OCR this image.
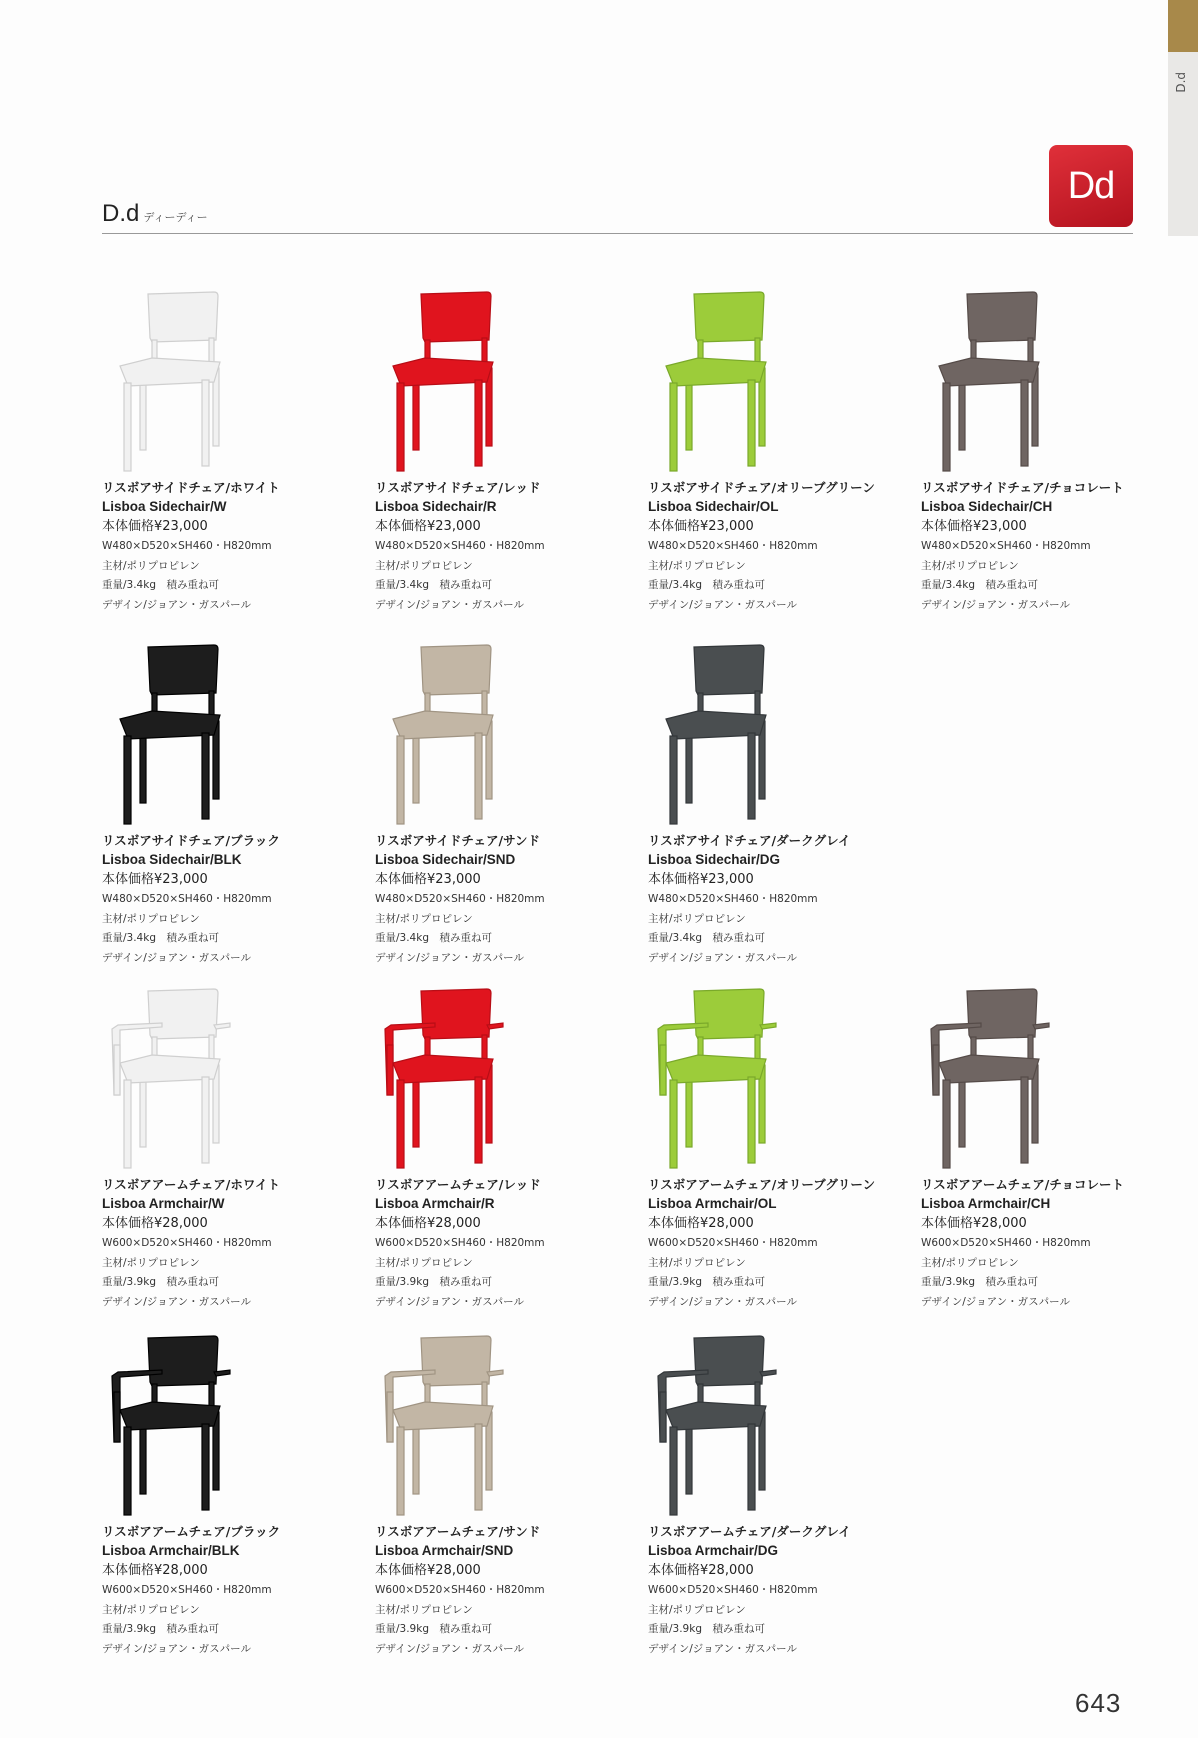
D.d
Dd
D.d ディーディー
リスボアサイドチェア/ホワイト
Lisboa Sidechair/W
本体価格¥23,000
W480×D520×SH460・H820mm
主材/ポリプロピレン
重量/3.4kg　積み重ね可
デザイン/ジョアン・ガスパール
リスボアサイドチェア/レッド
Lisboa Sidechair/R
本体価格¥23,000
W480×D520×SH460・H820mm
主材/ポリプロピレン
重量/3.4kg　積み重ね可
デザイン/ジョアン・ガスパール
リスボアサイドチェア/オリーブグリーン
Lisboa Sidechair/OL
本体価格¥23,000
W480×D520×SH460・H820mm
主材/ポリプロピレン
重量/3.4kg　積み重ね可
デザイン/ジョアン・ガスパール
リスボアサイドチェア/チョコレート
Lisboa Sidechair/CH
本体価格¥23,000
W480×D520×SH460・H820mm
主材/ポリプロピレン
重量/3.4kg　積み重ね可
デザイン/ジョアン・ガスパール
リスボアサイドチェア/ブラック
Lisboa Sidechair/BLK
本体価格¥23,000
W480×D520×SH460・H820mm
主材/ポリプロピレン
重量/3.4kg　積み重ね可
デザイン/ジョアン・ガスパール
リスボアサイドチェア/サンド
Lisboa Sidechair/SND
本体価格¥23,000
W480×D520×SH460・H820mm
主材/ポリプロピレン
重量/3.4kg　積み重ね可
デザイン/ジョアン・ガスパール
リスボアサイドチェア/ダークグレイ
Lisboa Sidechair/DG
本体価格¥23,000
W480×D520×SH460・H820mm
主材/ポリプロピレン
重量/3.4kg　積み重ね可
デザイン/ジョアン・ガスパール
リスボアアームチェア/ホワイト
Lisboa Armchair/W
本体価格¥28,000
W600×D520×SH460・H820mm
主材/ポリプロピレン
重量/3.9kg　積み重ね可
デザイン/ジョアン・ガスパール
リスボアアームチェア/レッド
Lisboa Armchair/R
本体価格¥28,000
W600×D520×SH460・H820mm
主材/ポリプロピレン
重量/3.9kg　積み重ね可
デザイン/ジョアン・ガスパール
リスボアアームチェア/オリーブグリーン
Lisboa Armchair/OL
本体価格¥28,000
W600×D520×SH460・H820mm
主材/ポリプロピレン
重量/3.9kg　積み重ね可
デザイン/ジョアン・ガスパール
リスボアアームチェア/チョコレート
Lisboa Armchair/CH
本体価格¥28,000
W600×D520×SH460・H820mm
主材/ポリプロピレン
重量/3.9kg　積み重ね可
デザイン/ジョアン・ガスパール
リスボアアームチェア/ブラック
Lisboa Armchair/BLK
本体価格¥28,000
W600×D520×SH460・H820mm
主材/ポリプロピレン
重量/3.9kg　積み重ね可
デザイン/ジョアン・ガスパール
リスボアアームチェア/サンド
Lisboa Armchair/SND
本体価格¥28,000
W600×D520×SH460・H820mm
主材/ポリプロピレン
重量/3.9kg　積み重ね可
デザイン/ジョアン・ガスパール
リスボアアームチェア/ダークグレイ
Lisboa Armchair/DG
本体価格¥28,000
W600×D520×SH460・H820mm
主材/ポリプロピレン
重量/3.9kg　積み重ね可
デザイン/ジョアン・ガスパール
643
